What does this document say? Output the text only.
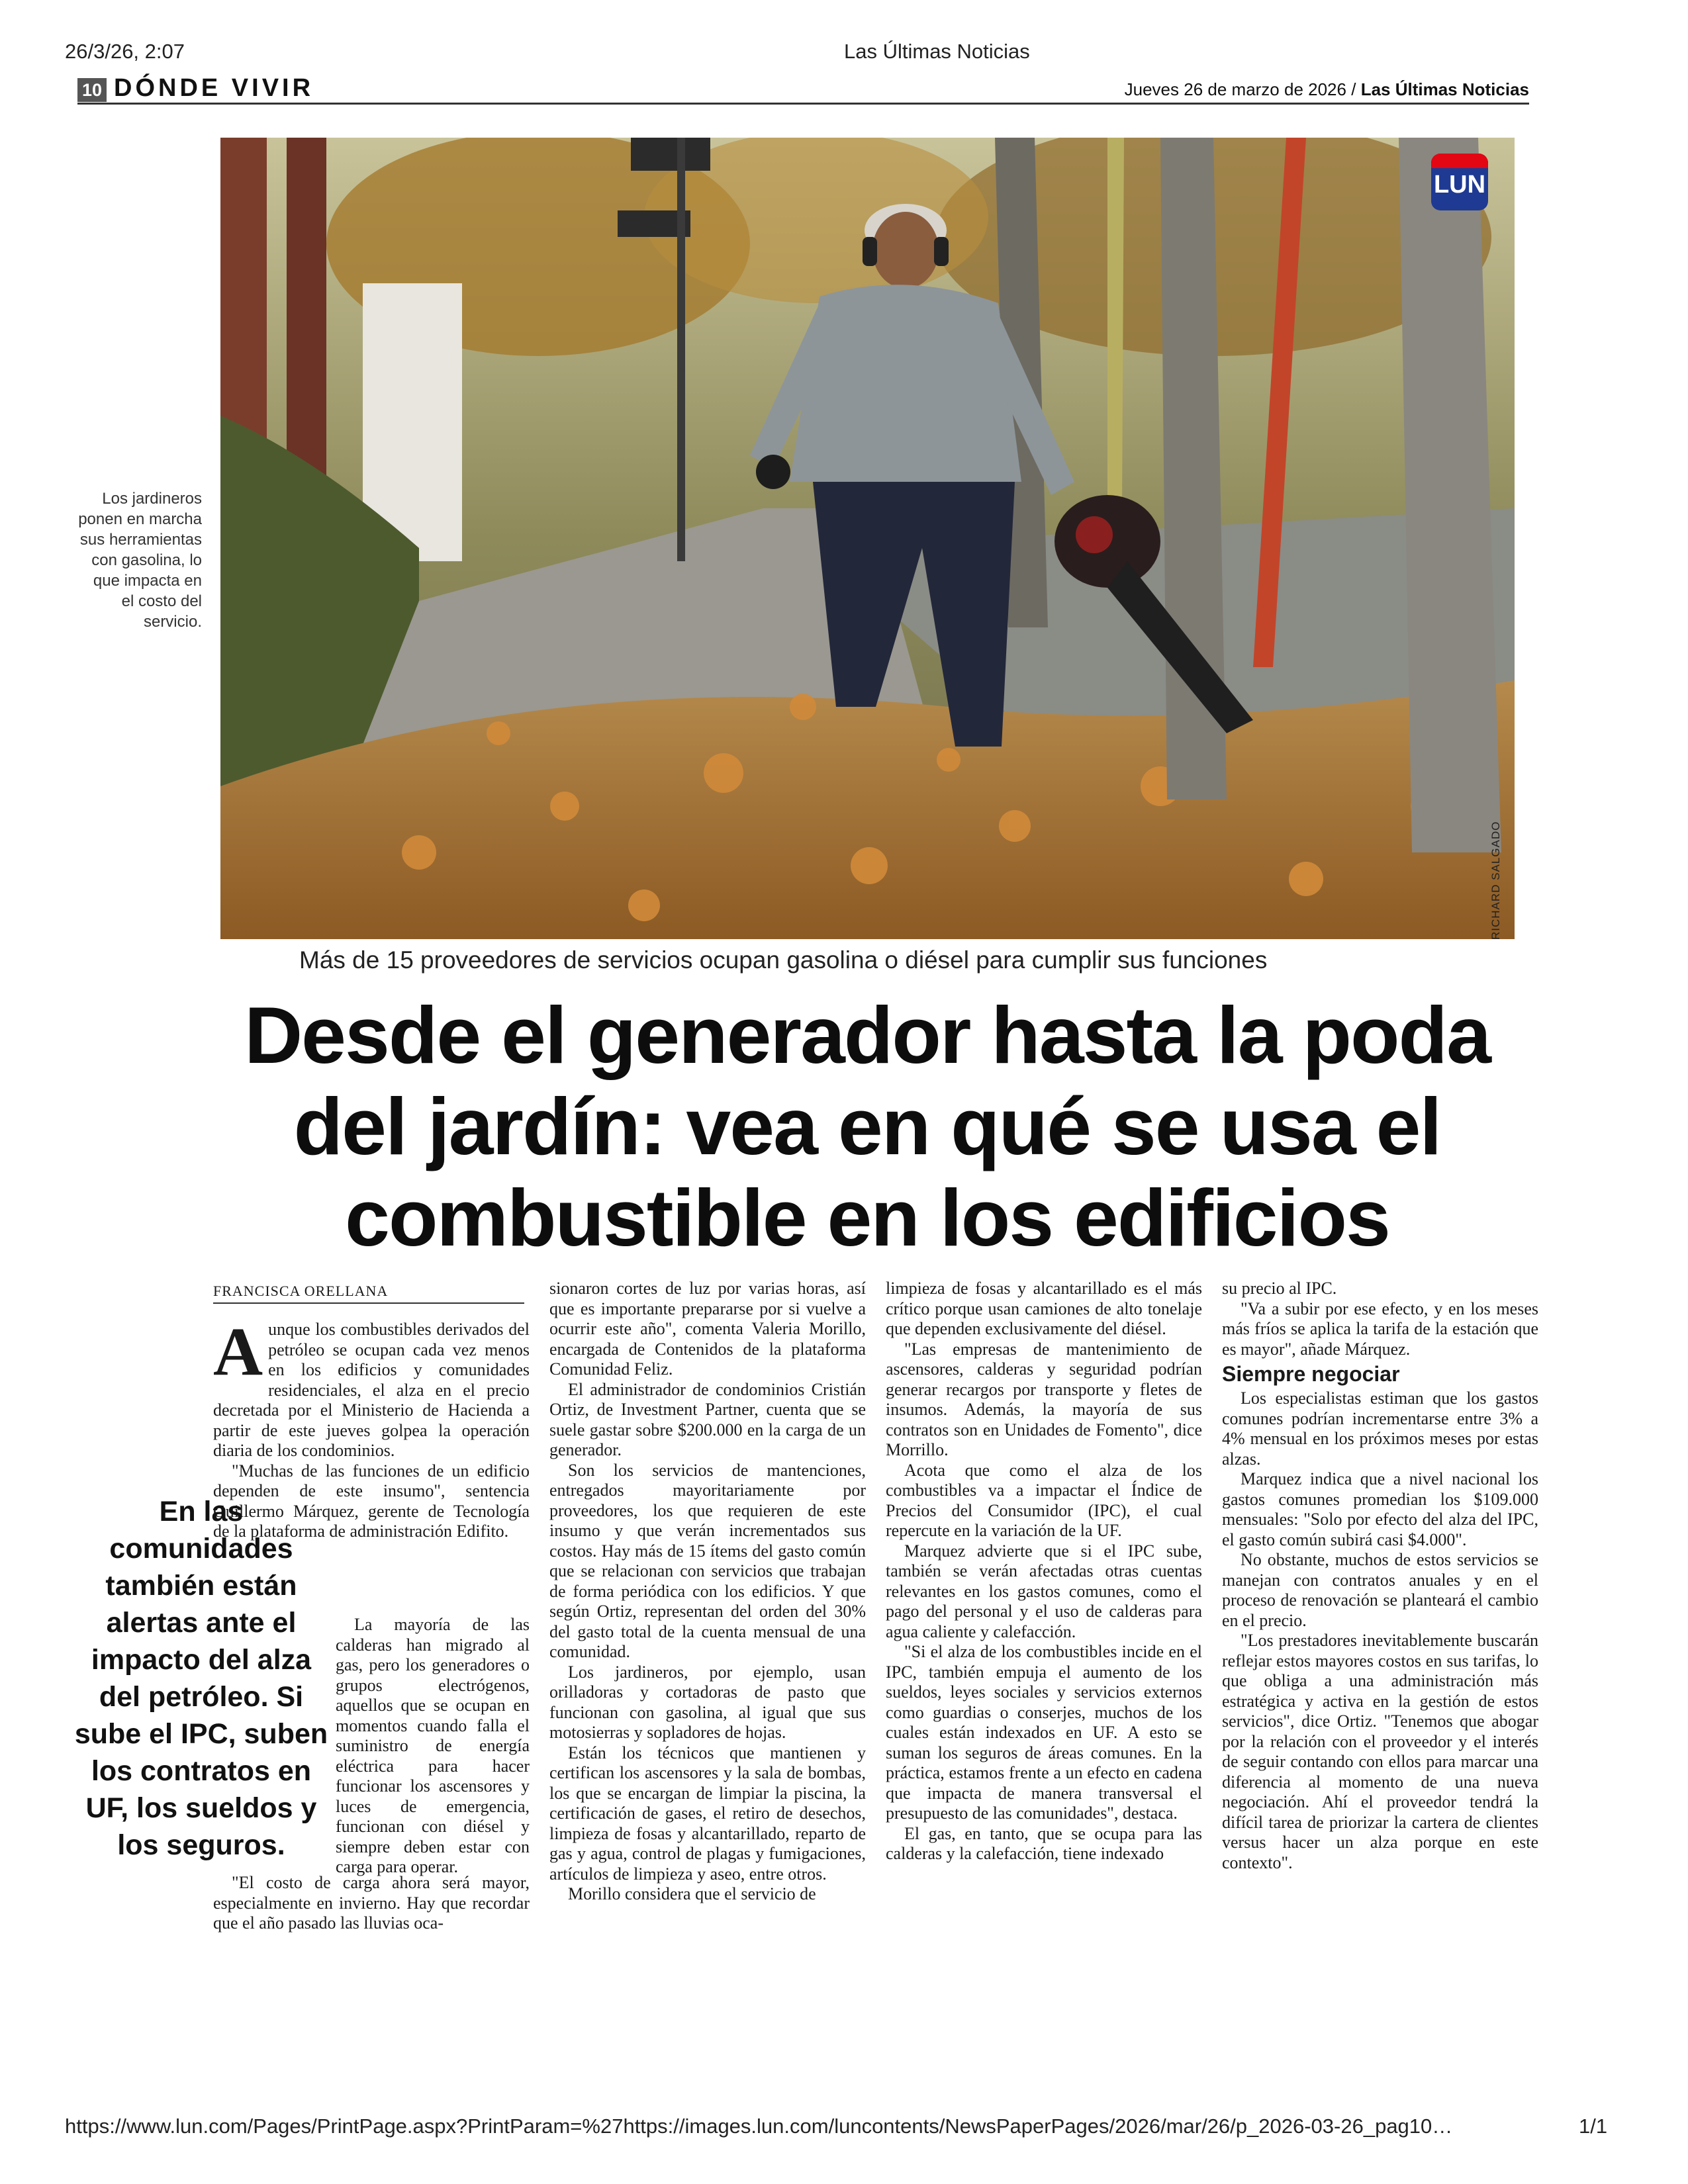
26/3/26, 2:07	Las Últimas Noticias
10 DÓNDE VIVIR	Jueves 26 de marzo de 2026 / Las Últimas Noticias
LUN
RICHARD SALGADO
Los jardineros ponen en marcha sus herramientas con gasolina, lo que impacta en el costo del servicio.
Más de 15 proveedores de servicios ocupan gasolina o diésel para cumplir sus funciones
Desde el generador hasta la poda
del jardín: vea en qué se usa el
combustible en los edificios
FRANCISCA ORELLANA

Aunque los combustibles derivados del petróleo se ocupan cada vez menos en los edificios y comunidades residenciales, el alza en el precio decretada por el Ministerio de Hacienda a partir de este jueves golpea la operación diaria de los condominios.

"Muchas de las funciones de un edificio dependen de este insumo", sentencia Guillermo Márquez, gerente de Tecnología de la plataforma de administración Edifito.

La mayoría de las calderas han migrado al gas, pero los generadores o grupos electrógenos, aquellos que se ocupan en momentos cuando falla el suministro de energía eléctrica para hacer funcionar los ascensores y luces de emergencia, funcionan con diésel y siempre deben estar con carga para operar.

"El costo de carga ahora será mayor, especialmente en invierno. Hay que recordar que el año pasado las lluvias oca-

En las comunidades también están alertas ante el impacto del alza del petróleo. Si sube el IPC, suben los contratos en UF, los sueldos y los seguros.

sionaron cortes de luz por varias horas, así que es importante prepararse por si vuelve a ocurrir este año", comenta Valeria Morillo, encargada de Contenidos de la plataforma Comunidad Feliz.

El administrador de condominios Cristián Ortiz, de Investment Partner, cuenta que se suele gastar sobre $200.000 en la carga de un generador.

Son los servicios de mantenciones, entregados mayoritariamente por proveedores, los que requieren de este insumo y que verán incrementados sus costos. Hay más de 15 ítems del gasto común que se relacionan con servicios que trabajan de forma periódica con los edificios. Y que según Ortiz, representan del orden del 30% del gasto total de la cuenta mensual de una comunidad.

Los jardineros, por ejemplo, usan orilladoras y cortadoras de pasto que funcionan con gasolina, al igual que sus motosierras y sopladores de hojas.

Están los técnicos que mantienen y certifican los ascensores y la sala de bombas, los que se encargan de limpiar la piscina, la certificación de gases, el retiro de desechos, limpieza de fosas y alcantarillado, reparto de gas y agua, control de plagas y fumigaciones, artículos de limpieza y aseo, entre otros.

Morillo considera que el servicio de

limpieza de fosas y alcantarillado es el más crítico porque usan camiones de alto tonelaje que dependen exclusivamente del diésel.

"Las empresas de mantenimiento de ascensores, calderas y seguridad podrían generar recargos por transporte y fletes de insumos. Además, la mayoría de sus contratos son en Unidades de Fomento", dice Morrillo.

Acota que como el alza de los combustibles va a impactar el Índice de Precios del Consumidor (IPC), el cual repercute en la variación de la UF.

Marquez advierte que si el IPC sube, también se verán afectadas otras cuentas relevantes en los gastos comunes, como el pago del personal y el uso de calderas para agua caliente y calefacción.

"Si el alza de los combustibles incide en el IPC, también empuja el aumento de los sueldos, leyes sociales y servicios externos como guardias o conserjes, muchos de los cuales están indexados en UF. A esto se suman los seguros de áreas comunes. En la práctica, estamos frente a un efecto en cadena que impacta de manera transversal el presupuesto de las comunidades", destaca.

El gas, en tanto, que se ocupa para las calderas y la calefacción, tiene indexado

su precio al IPC.

"Va a subir por ese efecto, y en los meses más fríos se aplica la tarifa de la estación que es mayor", añade Márquez.

Siempre negociar

Los especialistas estiman que los gastos comunes podrían incrementarse entre 3% a 4% mensual en los próximos meses por estas alzas.

Marquez indica que a nivel nacional los gastos comunes promedian los $109.000 mensuales: "Solo por efecto del alza del IPC, el gasto común subirá casi $4.000".

No obstante, muchos de estos servicios se manejan con contratos anuales y en el proceso de renovación se planteará el cambio en el precio.

"Los prestadores inevitablemente buscarán reflejar estos mayores costos en sus tarifas, lo que obliga a una administración más estratégica y activa en la gestión de estos servicios", dice Ortiz. "Tenemos que abogar por la relación con el proveedor y el interés de seguir contando con ellos para marcar una diferencia al momento de una nueva negociación. Ahí el proveedor tendrá la difícil tarea de priorizar la cartera de clientes versus hacer un alza porque en este contexto".

https://www.lun.com/Pages/PrintPage.aspx?PrintParam=%27https://images.lun.com/luncontents/NewsPaperPages/2026/mar/26/p_2026-03-26_pag10…	1/1
